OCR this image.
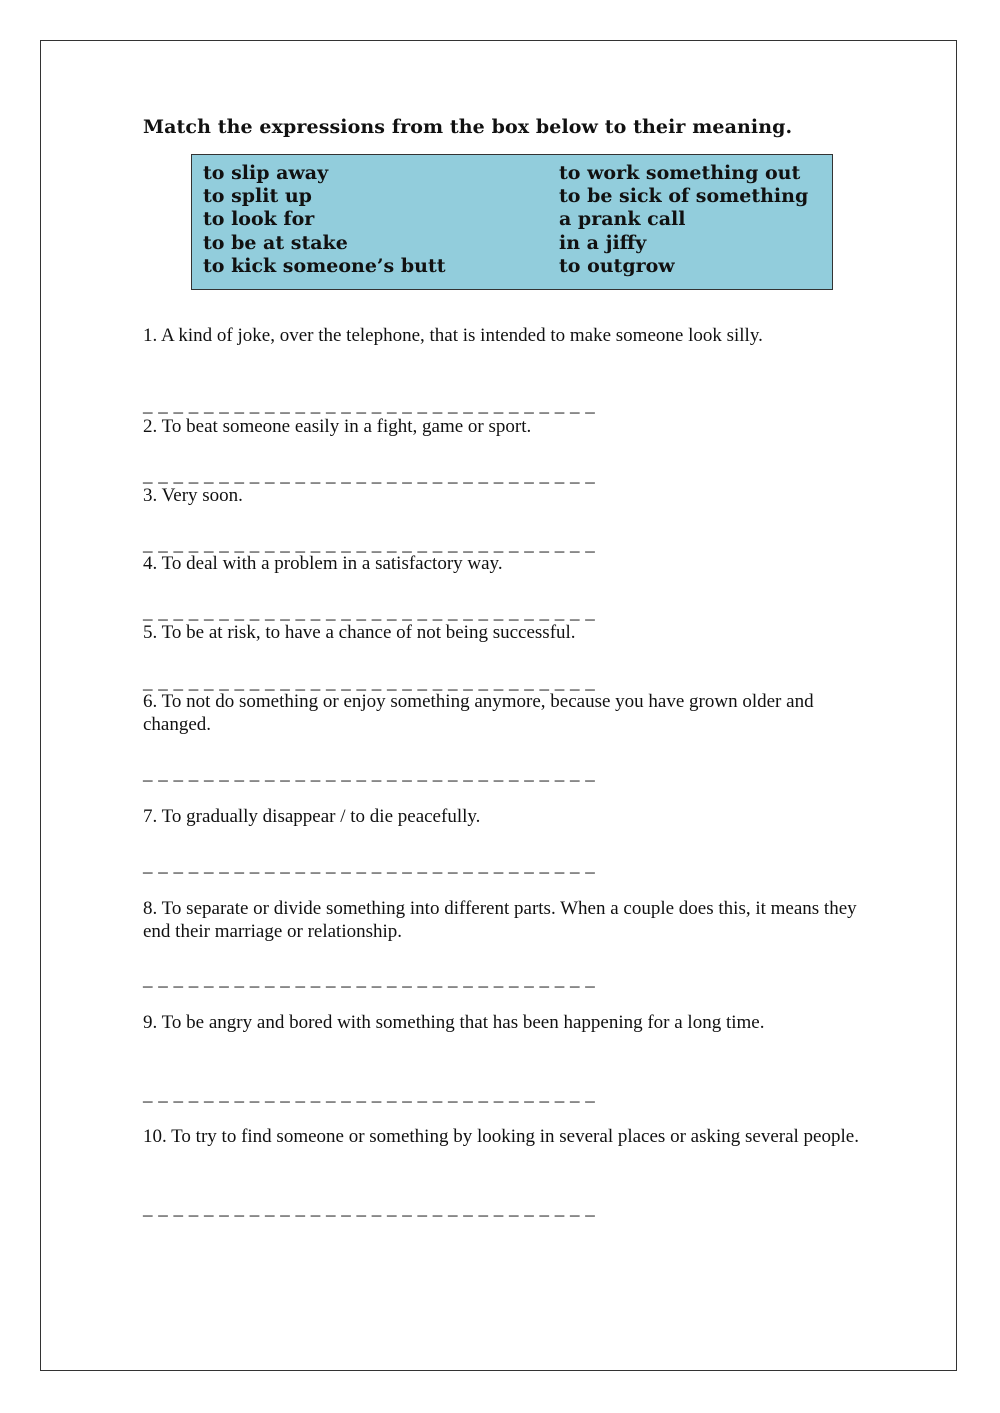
Match the expressions from the box below to their meaning.
to slip away
to split up
to look for
to be at stake
to kick someone’s butt
to work something out
to be sick of something
a prank call
in a jiffy
to outgrow
1. A kind of joke, over the telephone, that is intended to make someone look silly.
_ _ _ _ _ _ _ _ _ _ _ _ _ _ _ _ _ _ _ _ _ _ _ _ _ _ _ _ _ _
2. To beat someone easily in a fight, game or sport.
_ _ _ _ _ _ _ _ _ _ _ _ _ _ _ _ _ _ _ _ _ _ _ _ _ _ _ _ _ _
3. Very soon.
_ _ _ _ _ _ _ _ _ _ _ _ _ _ _ _ _ _ _ _ _ _ _ _ _ _ _ _ _ _
4. To deal with a problem in a satisfactory way.
_ _ _ _ _ _ _ _ _ _ _ _ _ _ _ _ _ _ _ _ _ _ _ _ _ _ _ _ _ _
5. To be at risk, to have a chance of not being successful.
_ _ _ _ _ _ _ _ _ _ _ _ _ _ _ _ _ _ _ _ _ _ _ _ _ _ _ _ _ _
6. To not do something or enjoy something anymore, because you have grown older and changed.
_ _ _ _ _ _ _ _ _ _ _ _ _ _ _ _ _ _ _ _ _ _ _ _ _ _ _ _ _ _
7. To gradually disappear / to die peacefully.
_ _ _ _ _ _ _ _ _ _ _ _ _ _ _ _ _ _ _ _ _ _ _ _ _ _ _ _ _ _
8. To separate or divide something into different parts. When a couple does this, it means they end their marriage or relationship.
_ _ _ _ _ _ _ _ _ _ _ _ _ _ _ _ _ _ _ _ _ _ _ _ _ _ _ _ _ _
9. To be angry and bored with something that has been happening for a long time.
_ _ _ _ _ _ _ _ _ _ _ _ _ _ _ _ _ _ _ _ _ _ _ _ _ _ _ _ _ _
10. To try to find someone or something by looking in several places or asking several people.
_ _ _ _ _ _ _ _ _ _ _ _ _ _ _ _ _ _ _ _ _ _ _ _ _ _ _ _ _ _
